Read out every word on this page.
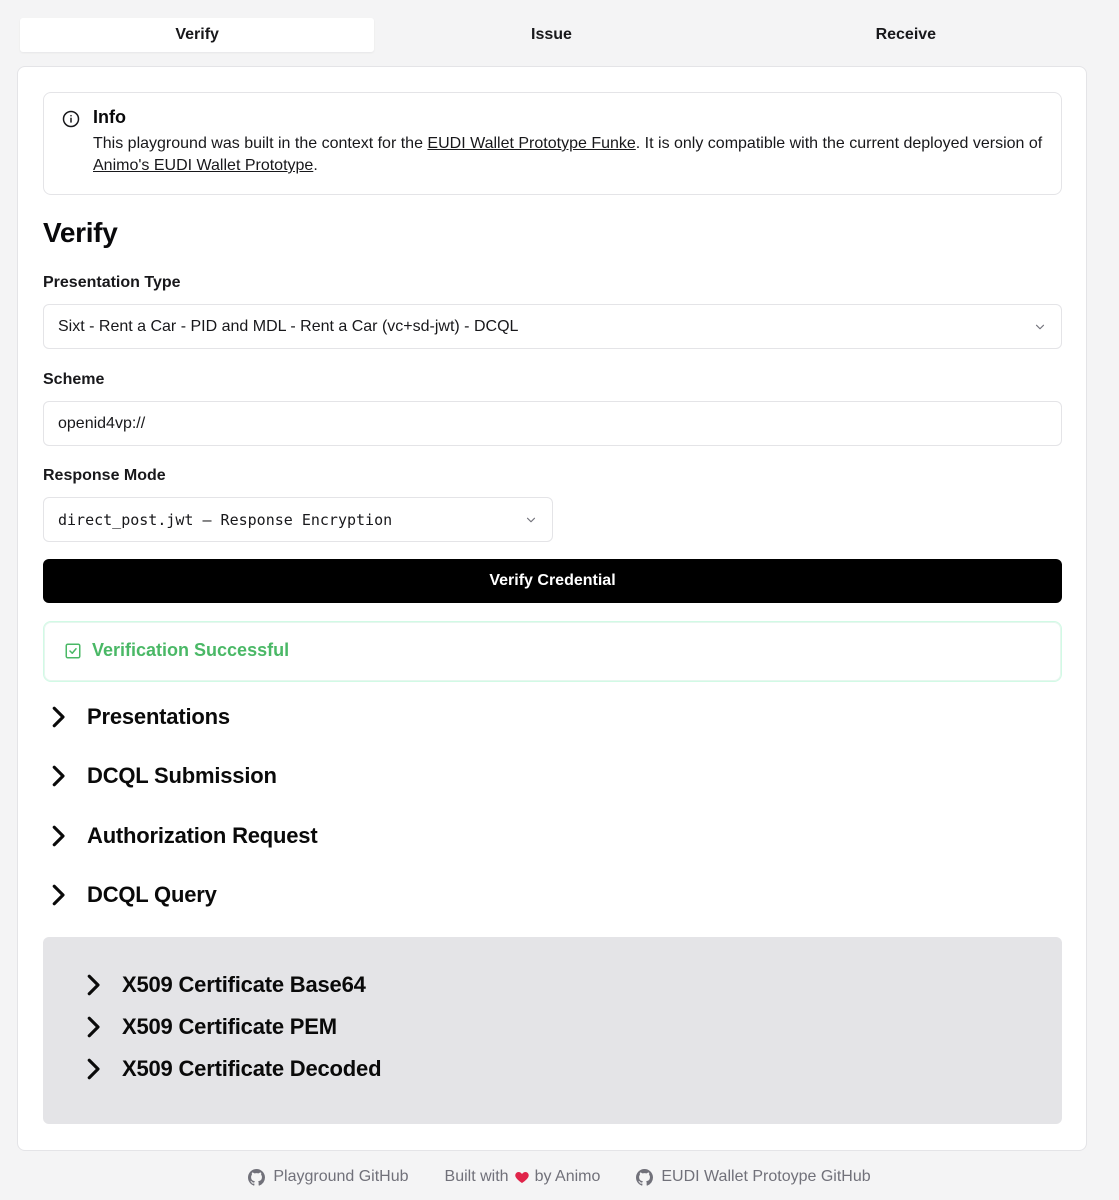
Verify	Issue	Receive
Info
This playground was built in the context for the EUDI Wallet Prototype Funke. It is only compatible with the current deployed version of Animo's EUDI Wallet Prototype.
Verify
Presentation Type
Sixt - Rent a Car - PID and MDL - Rent a Car (vc+sd-jwt) - DCQL
Scheme
openid4vp://
Response Mode
direct_post.jwt – Response Encryption
Verify Credential
Verification Successful
Presentations
DCQL Submission
Authorization Request
DCQL Query
X509 Certificate Base64
X509 Certificate PEM
X509 Certificate Decoded
Playground GitHub Built with by Animo	EUDI Wallet Protoype GitHub
